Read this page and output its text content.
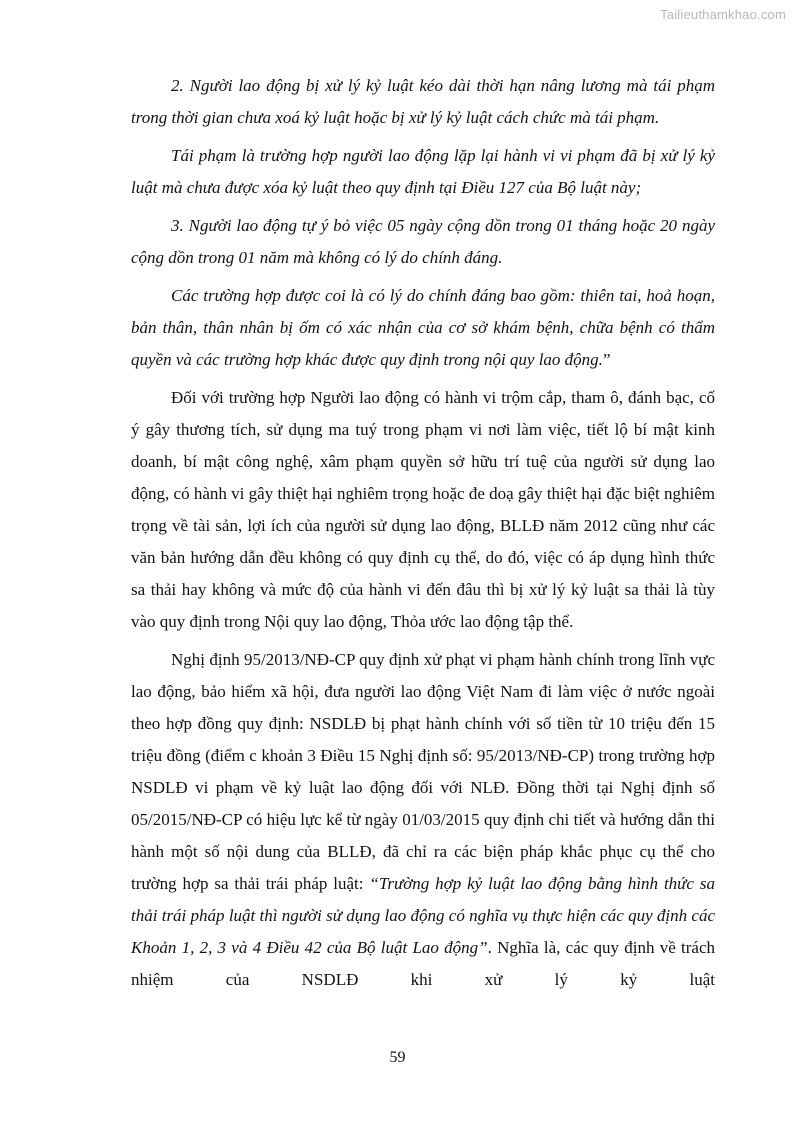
Tailieuthamkhao.com

2. Người lao động bị xử lý kỷ luật kéo dài thời hạn nâng lương mà tái phạm trong thời gian chưa xoá kỷ luật hoặc bị xử lý kỷ luật cách chức mà tái phạm.

Tái phạm là trường hợp người lao động lặp lại hành vi vi phạm đã bị xử lý kỷ luật mà chưa được xóa kỷ luật theo quy định tại Điều 127 của Bộ luật này;

3. Người lao động tự ý bỏ việc 05 ngày cộng dồn trong 01 tháng hoặc 20 ngày cộng dồn trong 01 năm mà không có lý do chính đáng.

Các trường hợp được coi là có lý do chính đáng bao gồm: thiên tai, hoả hoạn, bản thân, thân nhân bị ốm có xác nhận của cơ sở khám bệnh, chữa bệnh có thẩm quyền và các trường hợp khác được quy định trong nội quy lao động.”

Đối với trường hợp Người lao động có hành vi trộm cắp, tham ô, đánh bạc, cố ý gây thương tích, sử dụng ma tuý trong phạm vi nơi làm việc, tiết lộ bí mật kinh doanh, bí mật công nghệ, xâm phạm quyền sở hữu trí tuệ của người sử dụng lao động, có hành vi gây thiệt hại nghiêm trọng hoặc đe doạ gây thiệt hại đặc biệt nghiêm trọng về tài sản, lợi ích của người sử dụng lao động, BLLĐ năm 2012 cũng như các văn bản hướng dẫn đều không có quy định cụ thể, do đó, việc có áp dụng hình thức sa thải hay không và mức độ của hành vi đến đâu thì bị xử lý kỷ luật sa thải là tùy vào quy định trong Nội quy lao động, Thỏa ước lao động tập thể.

Nghị định 95/2013/NĐ-CP quy định xử phạt vi phạm hành chính trong lĩnh vực lao động, bảo hiểm xã hội, đưa người lao động Việt Nam đi làm việc ở nước ngoài theo hợp đồng quy định: NSDLĐ bị phạt hành chính với số tiền từ 10 triệu đến 15 triệu đồng (điểm c khoản 3 Điều 15 Nghị định số: 95/2013/NĐ-CP) trong trường hợp NSDLĐ vi phạm về kỷ luật lao động đối với NLĐ. Đồng thời tại Nghị định số 05/2015/NĐ-CP có hiệu lực kể từ ngày 01/03/2015 quy định chi tiết và hướng dẫn thi hành một số nội dung của BLLĐ, đã chỉ ra các biện pháp khắc phục cụ thể cho trường hợp sa thải trái pháp luật: “Trường hợp kỷ luật lao động bằng hình thức sa thải trái pháp luật thì người sử dụng lao động có nghĩa vụ thực hiện các quy định các Khoản 1, 2, 3 và 4 Điều 42 của Bộ luật Lao động”. Nghĩa là, các quy định về trách nhiệm của NSDLĐ khi xử lý kỷ luật

59
